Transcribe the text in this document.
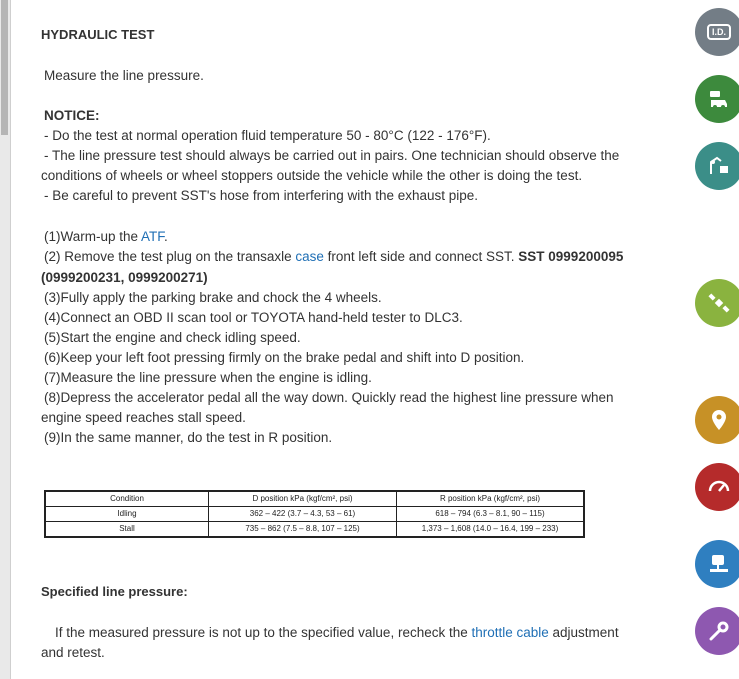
HYDRAULIC TEST
Measure the line pressure.
NOTICE:
- Do the test at normal operation fluid temperature 50 - 80°C (122 - 176°F).
- The line pressure test should always be carried out in pairs. One technician should observe the
conditions of wheels or wheel stoppers outside the vehicle while the other is doing the test.
- Be careful to prevent SST's hose from interfering with the exhaust pipe.
(1)Warm-up the ATF.
(2) Remove the test plug on the transaxle case front left side and connect SST. SST 0999200095
(0999200231, 0999200271)
(3)Fully apply the parking brake and chock the 4 wheels.
(4)Connect an OBD II scan tool or TOYOTA hand-held tester to DLC3.
(5)Start the engine and check idling speed.
(6)Keep your left foot pressing firmly on the brake pedal and shift into D position.
(7)Measure the line pressure when the engine is idling.
(8)Depress the accelerator pedal all the way down. Quickly read the highest line pressure when
engine speed reaches stall speed.
(9)In the same manner, do the test in R position.
Specified line pressure:
If the measured pressure is not up to the specified value, recheck the throttle cable adjustment
and retest.
Condition	D position kPa (kgf/cm², psi)	R position kPa (kgf/cm², psi)
Idling	362 – 422 (3.7 – 4.3, 53 – 61)	618 – 794 (6.3 – 8.1, 90 – 115)
Stall	735 – 862 (7.5 – 8.8, 107 – 125)	1,373 – 1,608 (14.0 – 16.4, 199 – 233)
I.D.
